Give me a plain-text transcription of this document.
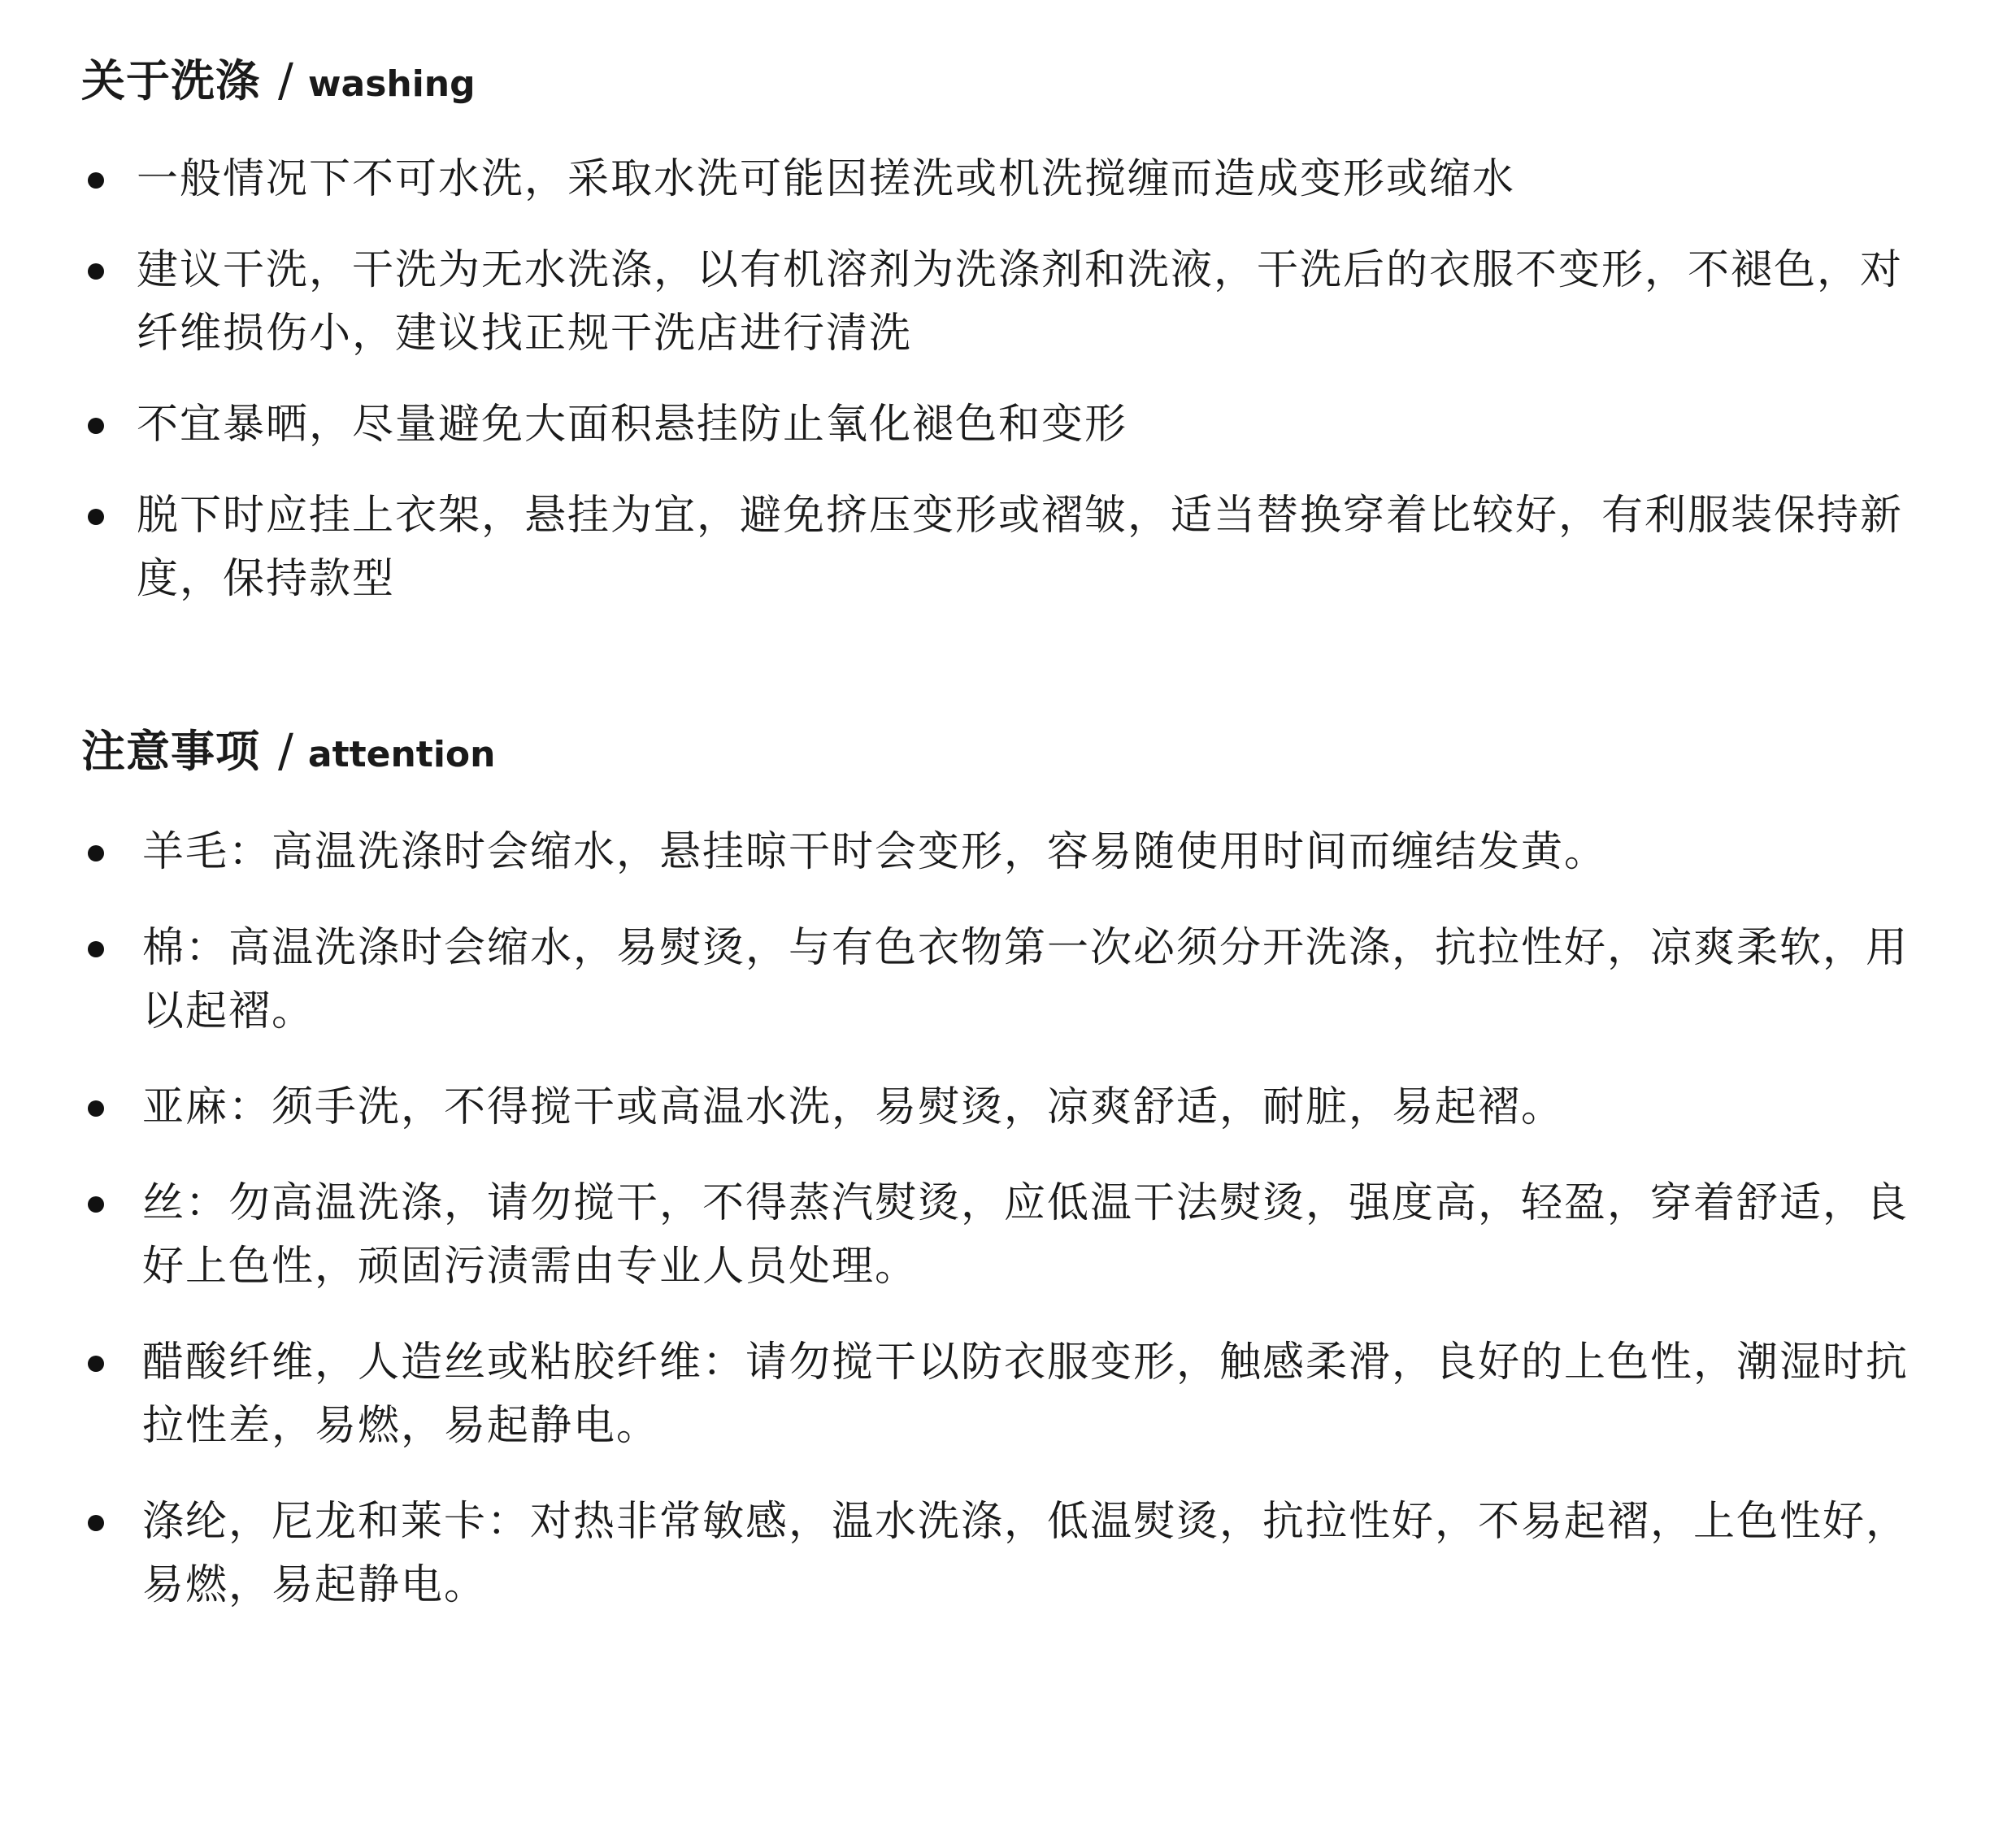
关于洗涤 / washing
一般情况下不可水洗，采取水洗可能因搓洗或机洗搅缠而造成变形或缩水
建议干洗，干洗为无水洗涤，以有机溶剂为洗涤剂和洗液，干洗后的衣服不变形，不褪色，对纤维损伤小，建议找正规干洗店进行清洗
不宜暴晒，尽量避免大面积悬挂防止氧化褪色和变形
脱下时应挂上衣架，悬挂为宜，避免挤压变形或褶皱，适当替换穿着比较好，有利服装保持新度，保持款型
注意事项 / attention
羊毛：高温洗涤时会缩水，悬挂晾干时会变形，容易随使用时间而缠结发黄。
棉：高温洗涤时会缩水，易熨烫，与有色衣物第一次必须分开洗涤，抗拉性好，凉爽柔软，用以起褶。
亚麻：须手洗，不得搅干或高温水洗，易熨烫，凉爽舒适，耐脏，易起褶。
丝：勿高温洗涤，请勿搅干，不得蒸汽熨烫，应低温干法熨烫，强度高，轻盈，穿着舒适，良好上色性，顽固污渍需由专业人员处理。
醋酸纤维，人造丝或粘胶纤维：请勿搅干以防衣服变形，触感柔滑，良好的上色性，潮湿时抗拉性差，易燃，易起静电。
涤纶，尼龙和莱卡：对热非常敏感，温水洗涤，低温熨烫，抗拉性好，不易起褶，上色性好，易燃，易起静电。
